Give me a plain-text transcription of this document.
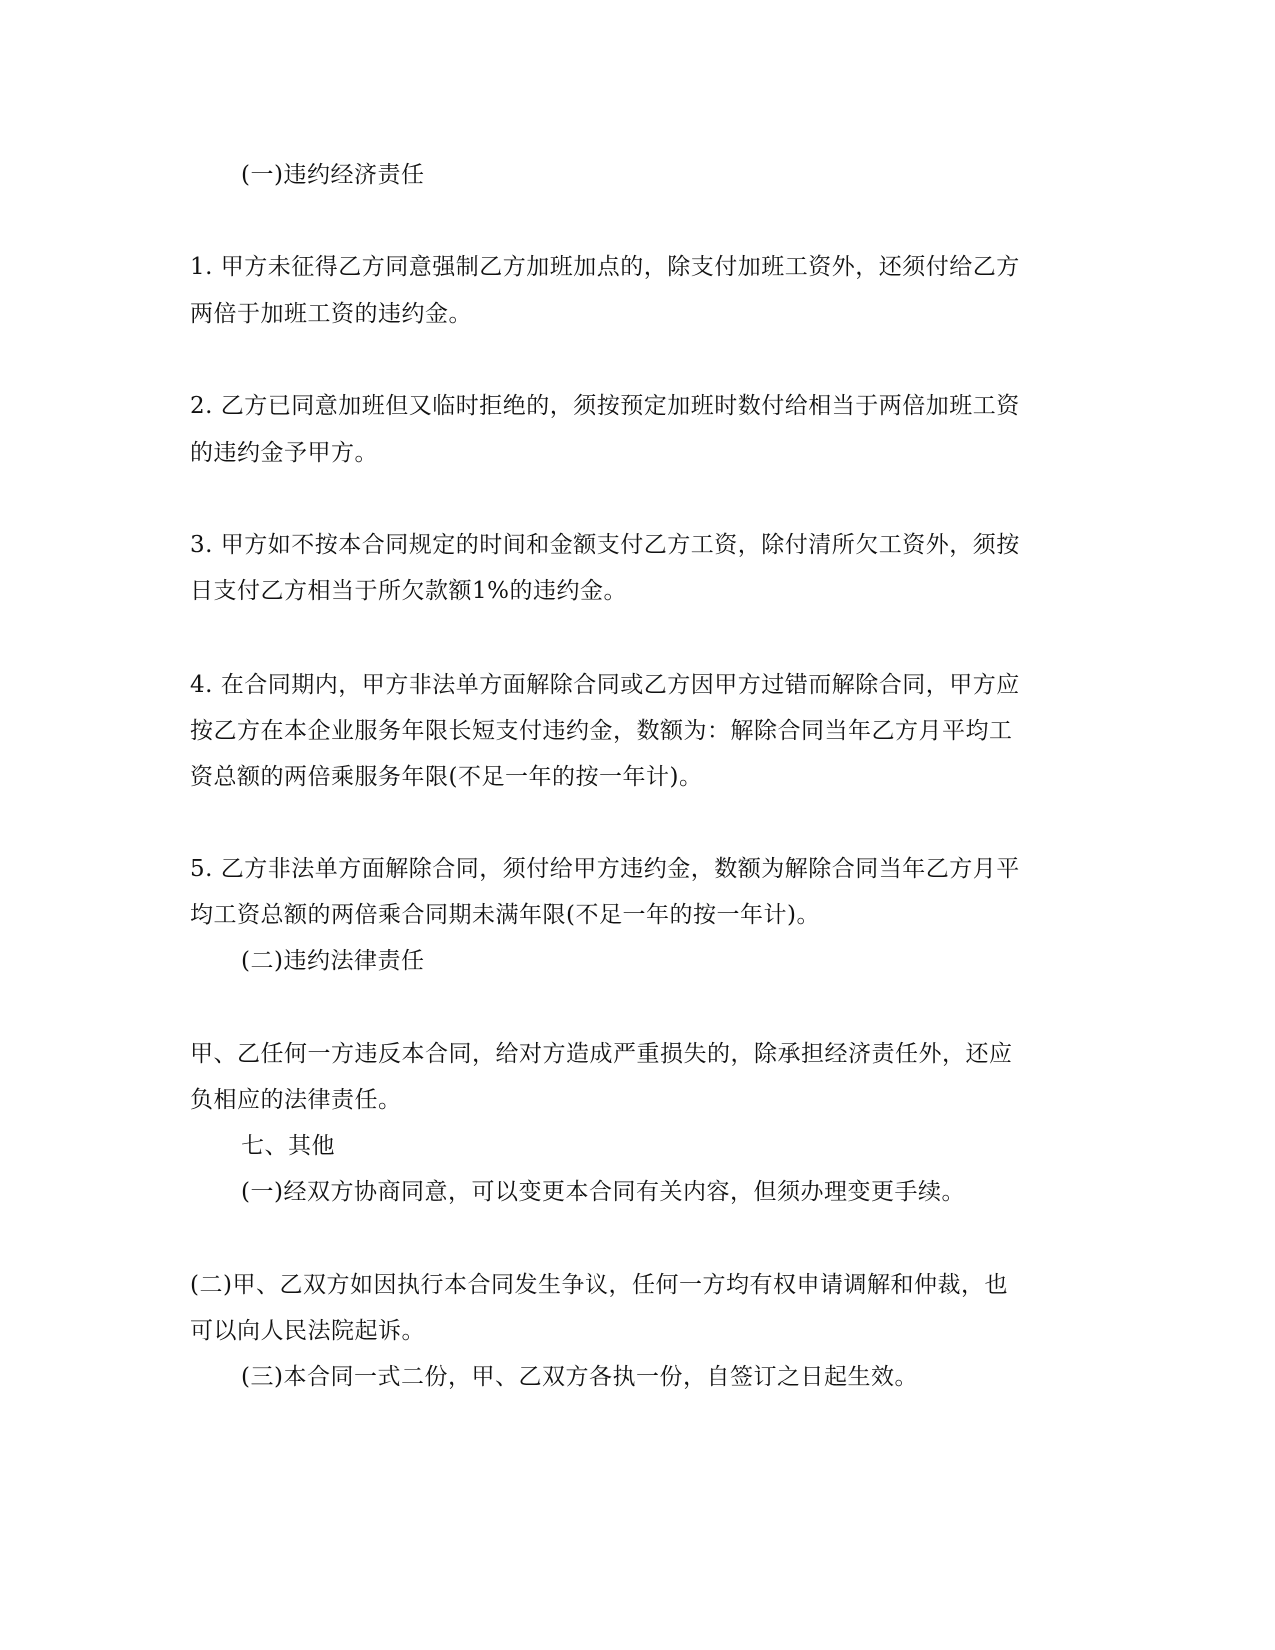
(一)违约经济责任
1. 甲方未征得乙方同意强制乙方加班加点的，除支付加班工资外，还须付给乙方
两倍于加班工资的违约金。
2. 乙方已同意加班但又临时拒绝的，须按预定加班时数付给相当于两倍加班工资
的违约金予甲方。
3. 甲方如不按本合同规定的时间和金额支付乙方工资，除付清所欠工资外，须按
日支付乙方相当于所欠款额1%的违约金。
4. 在合同期内，甲方非法单方面解除合同或乙方因甲方过错而解除合同，甲方应
按乙方在本企业服务年限长短支付违约金，数额为：解除合同当年乙方月平均工
资总额的两倍乘服务年限(不足一年的按一年计)。
5. 乙方非法单方面解除合同，须付给甲方违约金，数额为解除合同当年乙方月平
均工资总额的两倍乘合同期未满年限(不足一年的按一年计)。
(二)违约法律责任
甲、乙任何一方违反本合同，给对方造成严重损失的，除承担经济责任外，还应
负相应的法律责任。
七、其他
(一)经双方协商同意，可以变更本合同有关内容，但须办理变更手续。
(二)甲、乙双方如因执行本合同发生争议，任何一方均有权申请调解和仲裁，也
可以向人民法院起诉。
(三)本合同一式二份，甲、乙双方各执一份，自签订之日起生效。
